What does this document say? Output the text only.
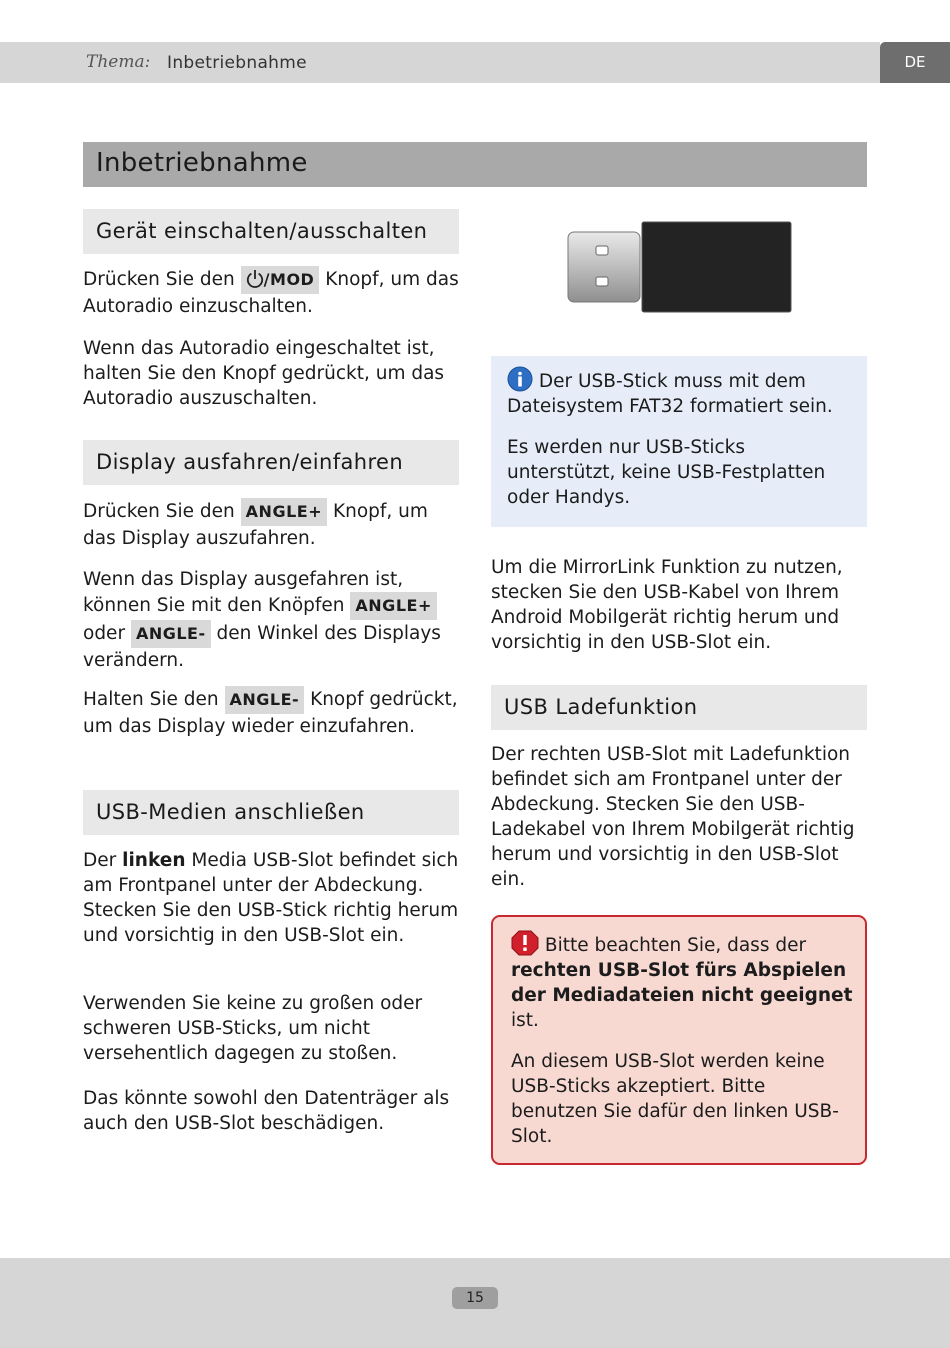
Thema: Inbetriebnahme	DE
Inbetriebnahme
Gerät einschalten/ausschalten

Drücken Sie den /MOD Knopf, um das Autoradio einzuschalten.

Wenn das Autoradio eingeschaltet ist, halten Sie den Knopf gedrückt, um das Autoradio auszuschalten.

Display ausfahren/einfahren

Drücken Sie den ANGLE+ Knopf, um das Display auszufahren.

Wenn das Display ausgefahren ist, können Sie mit den Knöpfen ANGLE+ oder ANGLE- den Winkel des Displays verändern.

Halten Sie den ANGLE- Knopf gedrückt, um das Display wieder einzufahren.

USB-Medien anschließen

Der linken Media USB-Slot befindet sich am Frontpanel unter der Abdeckung. Stecken Sie den USB-Stick richtig herum und vorsichtig in den USB-Slot ein.

Verwenden Sie keine zu großen oder schweren USB-Sticks, um nicht versehentlich dagegen zu stoßen.

Das könnte sowohl den Datenträger als auch den USB-Slot beschädigen.

Der USB-Stick muss mit dem Dateisystem FAT32 formatiert sein.

Es werden nur USB-Sticks unterstützt, keine USB-Festplatten oder Handys.

Um die MirrorLink Funktion zu nutzen, stecken Sie den USB-Kabel von Ihrem Android Mobilgerät richtig herum und vorsichtig in den USB-Slot ein.

USB Ladefunktion

Der rechten USB-Slot mit Ladefunktion befindet sich am Frontpanel unter der Abdeckung. Stecken Sie den USB-Ladekabel von Ihrem Mobilgerät richtig herum und vorsichtig in den USB-Slot ein.

Bitte beachten Sie, dass der rechten USB-Slot fürs Abspielen der Mediadateien nicht geeignet ist.

An diesem USB-Slot werden keine USB-Sticks akzeptiert. Bitte benutzen Sie dafür den linken USB-Slot.

15
